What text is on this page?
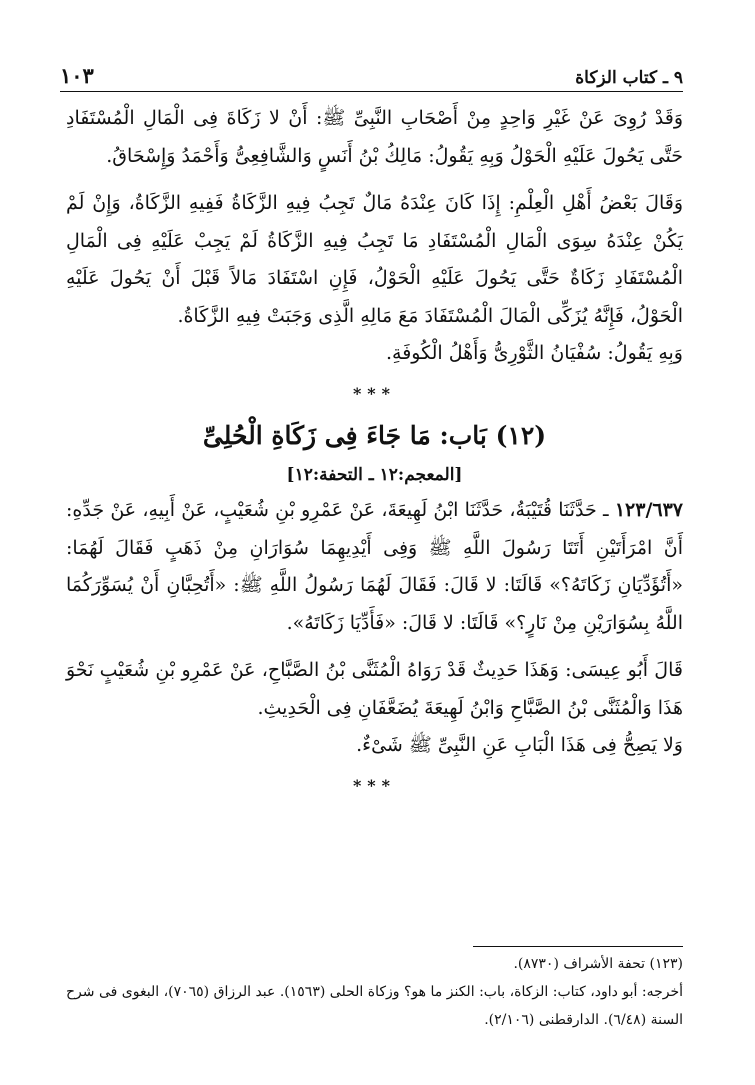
٩ ـ كتاب الزكاة
١٠٣

وَقَدْ رُوِىَ عَنْ غَيْرِ وَاحِدٍ مِنْ أَصْحَابِ النَّبِىِّ ﷺ: أَنْ لا زَكَاةَ فِى الْمَالِ الْمُسْتَفَادِ حَتَّى يَحُولَ عَلَيْهِ الْحَوْلُ وَبِهِ يَقُولُ: مَالِكُ بْنُ أَنَسٍ وَالشَّافِعِىُّ وَأَحْمَدُ وَإِسْحَاقُ.

وَقَالَ بَعْضُ أَهْلِ الْعِلْمِ: إِذَا كَانَ عِنْدَهُ مَالٌ تَجِبُ فِيهِ الزَّكَاةُ فَفِيهِ الزَّكَاةُ، وَإِنْ لَمْ يَكُنْ عِنْدَهُ سِوَى الْمَالِ الْمُسْتَفَادِ مَا تَجِبُ فِيهِ الزَّكَاةُ لَمْ يَجِبْ عَلَيْهِ فِى الْمَالِ الْمُسْتَفَادِ زَكَاةٌ حَتَّى يَحُولَ عَلَيْهِ الْحَوْلُ، فَإِنِ اسْتَفَادَ مَالاً قَبْلَ أَنْ يَحُولَ عَلَيْهِ الْحَوْلُ، فَإِنَّهُ يُزَكِّى الْمَالَ الْمُسْتَفَادَ مَعَ مَالِهِ الَّذِى وَجَبَتْ فِيهِ الزَّكَاةُ.

وَبِهِ يَقُولُ: سُفْيَانُ الثَّوْرِىُّ وَأَهْلُ الْكُوفَةِ.

***
(١٢) بَاب: مَا جَاءَ فِى زَكَاةِ الْحُلِىِّ
[المعجم:١٢ ـ التحفة:١٢]

١٢٣/٦٣٧ ـ حَدَّثَنَا قُتَيْبَةُ، حَدَّثَنَا ابْنُ لَهِيعَةَ، عَنْ عَمْرِو بْنِ شُعَيْبٍ، عَنْ أَبِيهِ، عَنْ جَدِّهِ: أَنَّ امْرَأَتَيْنِ أَتَتَا رَسُولَ اللَّهِ ﷺ وَفِى أَيْدِيهِمَا سُوَارَانِ مِنْ ذَهَبٍ فَقَالَ لَهُمَا: «أَتُؤَدِّيَانِ زَكَاتَهُ؟» قَالَتَا: لا قَالَ: فَقَالَ لَهُمَا رَسُولُ اللَّهِ ﷺ: «أَتُحِبَّانِ أَنْ يُسَوِّرَكُمَا اللَّهُ بِسُوَارَيْنِ مِنْ نَارٍ؟» قَالَتَا: لا قَالَ: «فَأَدِّيَا زَكَاتَهُ».

قَالَ أَبُو عِيسَى: وَهَذَا حَدِيثٌ قَدْ رَوَاهُ الْمُثَنَّى بْنُ الصَّبَّاحِ، عَنْ عَمْرِو بْنِ شُعَيْبٍ نَحْوَ هَذَا وَالْمُثَنَّى بْنُ الصَّبَّاحِ وَابْنُ لَهِيعَةَ يُضَعَّفَانِ فِى الْحَدِيثِ.

وَلا يَصِحُّ فِى هَذَا الْبَابِ عَنِ النَّبِىِّ ﷺ شَىْءٌ.

***

(١٢٣) تحفة الأشراف (٨٧٣٠).

أخرجه: أبو داود، كتاب: الزكاة، باب: الكنز ما هو؟ وزكاة الحلى (١٥٦٣). عبد الرزاق (٧٠٦٥)، البغوى فى شرح السنة (٦/٤٨). الدارقطنى (٢/١٠٦).
